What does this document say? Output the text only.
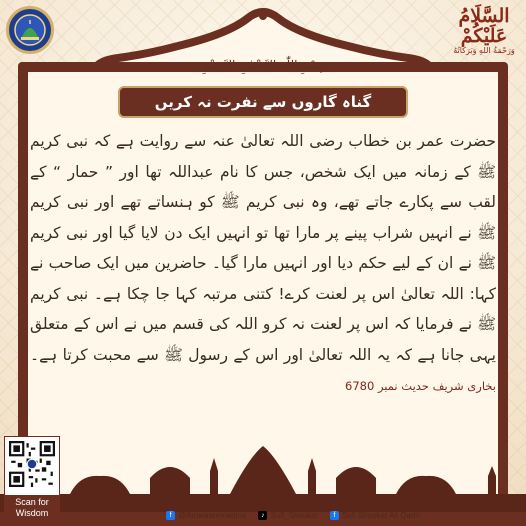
السَّلَامُ عَلَيْكُمْ
وَرَحْمَةُ اللهِ وَبَرَكَاتُهُ
بِسْمِ اللّٰهِ الرَّحْمٰنِ الرَّحِيْمِ
گناہ گاروں سے نفرت نہ کریں
حضرت عمر بن خطاب رضی اللہ تعالیٰ عنہ سے روایت ہے کہ نبی کریم ﷺ کے زمانہ میں ایک شخص، جس کا نام عبداللہ تھا اور ” حمار “ کے لقب سے پکارے جاتے تھے، وہ نبی کریم ﷺ کو ہنساتے تھے اور نبی کریم ﷺ نے انہیں شراب پینے پر مارا تھا تو انہیں ایک دن لایا گیا اور نبی کریم ﷺ نے ان کے لیے حکم دیا اور انہیں مارا گیا۔ حاضرین میں ایک صاحب نے کہا: اللہ تعالیٰ اس پر لعنت کرے! کتنی مرتبہ کہا جا چکا ہے۔ نبی کریم ﷺ نے فرمایا کہ اس پر لعنت نہ کرو اللہ کی قسم میں نے اس کے متعلق یہی جانا ہے کہ یہ اللہ تعالیٰ اور اس کے رسول ﷺ سے محبت کرتا ہے۔ بخاری شریف حدیث نمبر 6780
Scan for Wisdom	f @Amwaaremadina	♪ Sufi_Shoukat	f Sufi Shoukat Ali Qadri
